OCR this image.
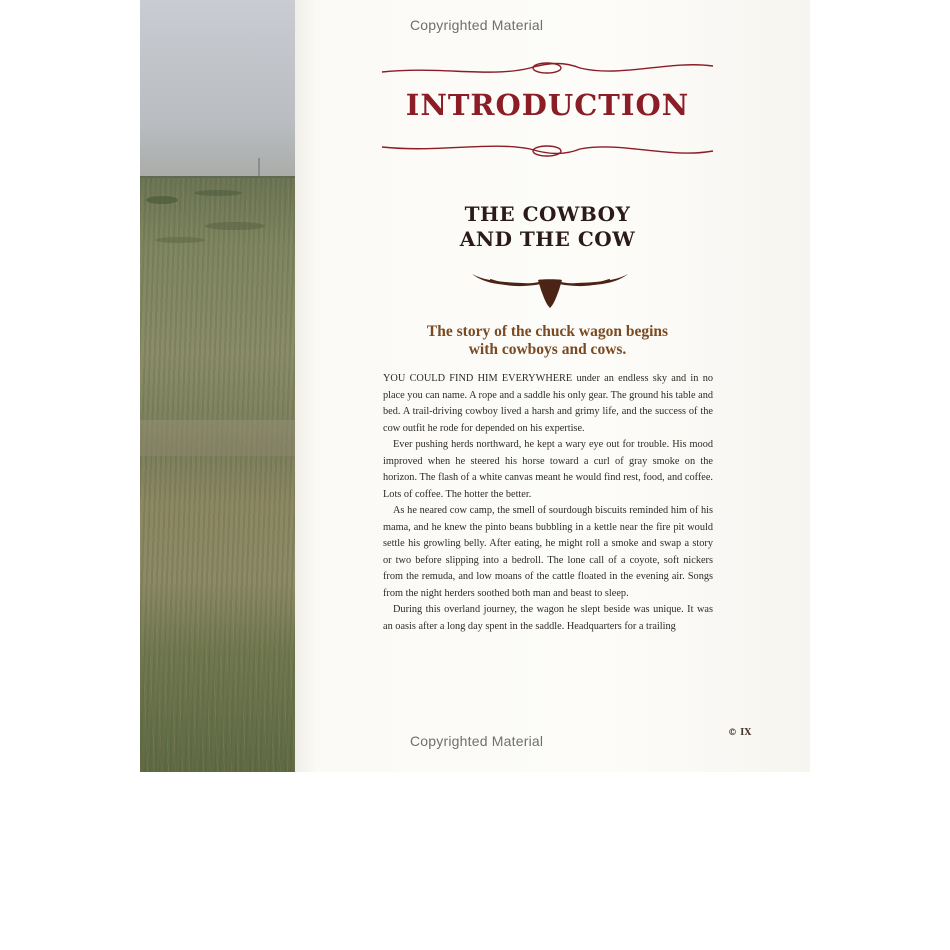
Copyrighted Material
INTRODUCTION
THE COWBOY
AND THE COW
The story of the chuck wagon begins
with cowboys and cows.

YOU COULD FIND HIM EVERYWHERE under an endless sky and in no place you can name. A rope and a saddle his only gear. The ground his table and bed. A trail-driving cowboy lived a harsh and grimy life, and the success of the cow outfit he rode for depended on his expertise.

Ever pushing herds northward, he kept a wary eye out for trouble. His mood improved when he steered his horse toward a curl of gray smoke on the horizon. The flash of a white canvas meant he would find rest, food, and coffee. Lots of coffee. The hotter the better.

As he neared cow camp, the smell of sourdough biscuits reminded him of his mama, and he knew the pinto beans bubbling in a kettle near the fire pit would settle his growling belly. After eating, he might roll a smoke and swap a story or two before slipping into a bedroll. The lone call of a coyote, soft nickers from the remuda, and low moans of the cattle floated in the evening air. Songs from the night herders soothed both man and beast to sleep.

During this overland journey, the wagon he slept beside was unique. It was an oasis after a long day spent in the saddle. Headquarters for a trailing

© IX
Copyrighted Material
